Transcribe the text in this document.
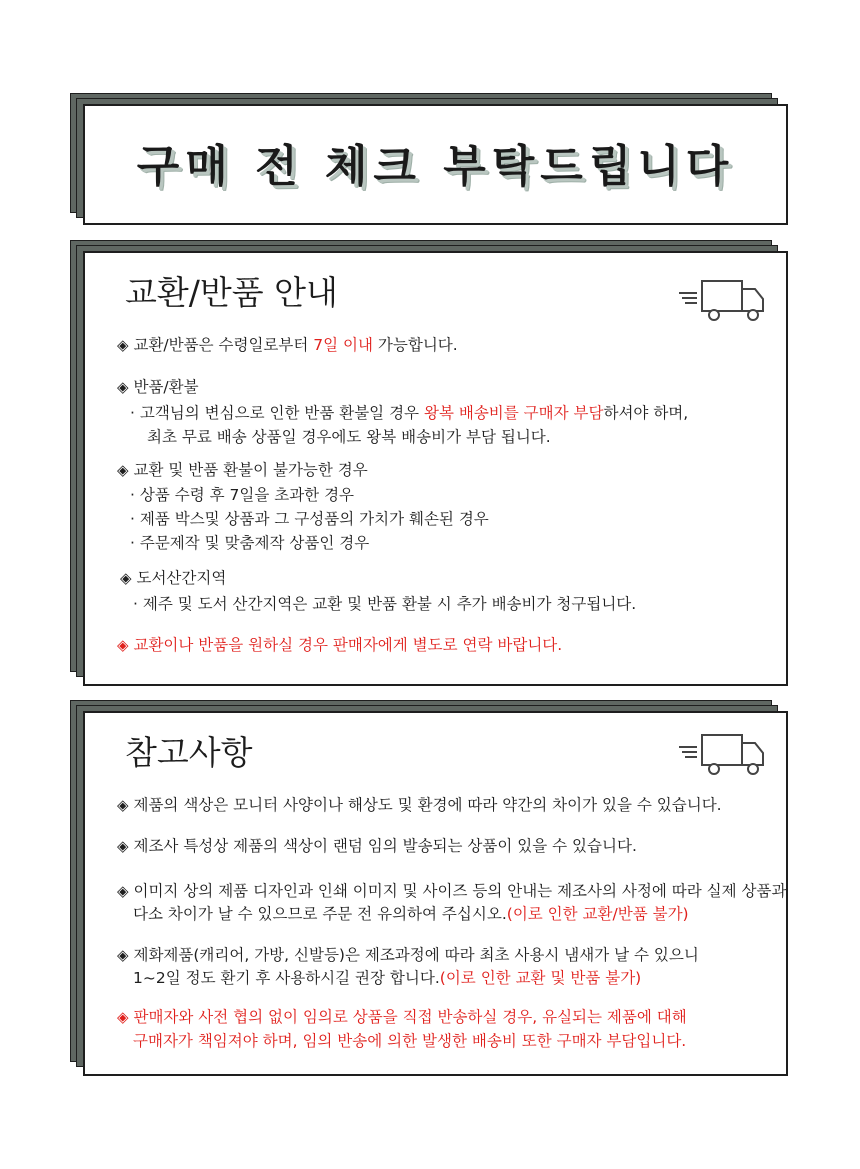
구매 전 체크 부탁드립니다
교환/반품 안내
◈ 교환/반품은 수령일로부터 7일 이내 가능합니다.
◈ 반품/환불
· 고객님의 변심으로 인한 반품 환불일 경우 왕복 배송비를 구매자 부담하셔야 하며,
최초 무료 배송 상품일 경우에도 왕복 배송비가 부담 됩니다.
◈ 교환 및 반품 환불이 불가능한 경우
· 상품 수령 후 7일을 초과한 경우
· 제품 박스및 상품과 그 구성품의 가치가 훼손된 경우
· 주문제작 및 맞춤제작 상품인 경우
◈ 도서산간지역
· 제주 및 도서 산간지역은 교환 및 반품 환불 시 추가 배송비가 청구됩니다.
◈ 교환이나 반품을 원하실 경우 판매자에게 별도로 연락 바랍니다.
참고사항
◈ 제품의 색상은 모니터 사양이나 해상도 및 환경에 따라 약간의 차이가 있을 수 있습니다.
◈ 제조사 특성상 제품의 색상이 랜덤 임의 발송되는 상품이 있을 수 있습니다.
◈ 이미지 상의 제품 디자인과 인쇄 이미지 및 사이즈 등의 안내는 제조사의 사정에 따라 실제 상품과
다소 차이가 날 수 있으므로 주문 전 유의하여 주십시오.(이로 인한 교환/반품 불가)
◈ 제화제품(캐리어, 가방, 신발등)은 제조과정에 따라 최초 사용시 냄새가 날 수 있으니
1~2일 정도 환기 후 사용하시길 권장 합니다.(이로 인한 교환 및 반품 불가)
◈ 판매자와 사전 협의 없이 임의로 상품을 직접 반송하실 경우, 유실되는 제품에 대해
구매자가 책임져야 하며, 임의 반송에 의한 발생한 배송비 또한 구매자 부담입니다.
